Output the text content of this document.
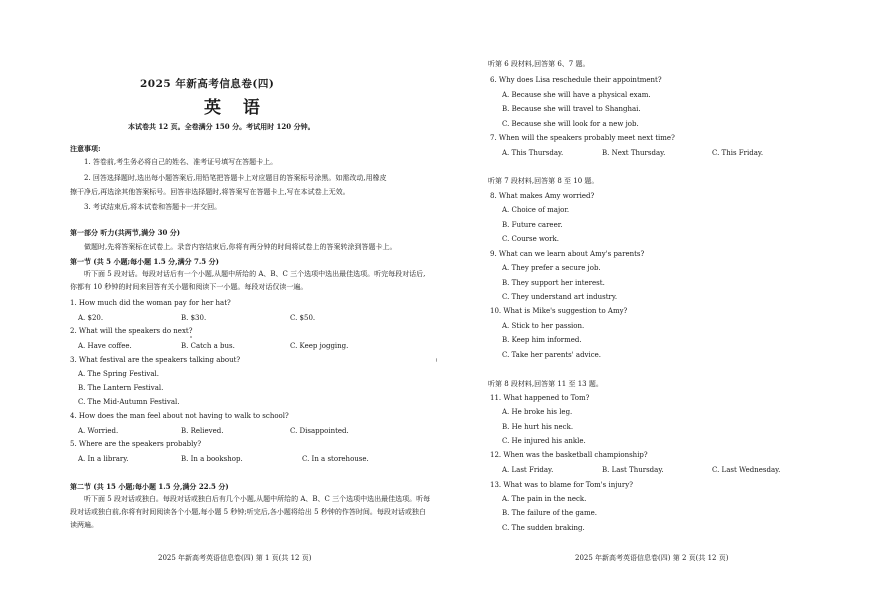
2025 年新高考信息卷(四)
英 语
本试卷共 12 页。全卷满分 150 分。考试用时 120 分钟。
注意事项:
1. 答卷前,考生务必将自己的姓名、准考证号填写在答题卡上。
2. 回答选择题时,选出每小题答案后,用铅笔把答题卡上对应题目的答案标号涂黑。如需改动,用橡皮
擦干净后,再选涂其他答案标号。回答非选择题时,将答案写在答题卡上,写在本试卷上无效。
3. 考试结束后,将本试卷和答题卡一并交回。
第一部分 听力(共两节,满分 30 分)
做题时,先将答案标在试卷上。录音内容结束后,你将有两分钟的时间将试卷上的答案转涂到答题卡上。
第一节 (共 5 小题;每小题 1.5 分,满分 7.5 分)
听下面 5 段对话。每段对话后有一个小题,从题中所给的 A、B、C 三个选项中选出最佳选项。听完每段对话后,你都有 10 秒钟的时间来回答有关小题和阅读下一小题。每段对话仅读一遍。
1. How much did the woman pay for her hat?
A. $20.	B. $30.	C. $50.
2. What will the speakers do next?
A. Have coffee.	B. Catch a bus.	C. Keep jogging.
3. What festival are the speakers talking about?
A. The Spring Festival.
B. The Lantern Festival.
C. The Mid-Autumn Festival.
4. How does the man feel about not having to walk to school?
A. Worried.	B. Relieved.	C. Disappointed.
5. Where are the speakers probably?
A. In a library.	B. In a bookshop.	C. In a storehouse.
第二节 (共 15 小题;每小题 1.5 分,满分 22.5 分)
听下面 5 段对话或独白。每段对话或独白后有几个小题,从题中所给的 A、B、C 三个选项中选出最佳选项。听每段对话或独白前,你将有时间阅读各个小题,每小题 5 秒钟;听完后,各小题将给出 5 秒钟的作答时间。每段对话或独白读两遍。
2025 年新高考英语信息卷(四) 第 1 页(共 12 页)
听第 6 段材料,回答第 6、7 题。
6. Why does Lisa reschedule their appointment?
A. Because she will have a physical exam.
B. Because she will travel to Shanghai.
C. Because she will look for a new job.
7. When will the speakers probably meet next time?
A. This Thursday.	B. Next Thursday.	C. This Friday.
听第 7 段材料,回答第 8 至 10 题。
8. What makes Amy worried?
A. Choice of major.
B. Future career.
C. Course work.
9. What can we learn about Amy's parents?
A. They prefer a secure job.
B. They support her interest.
C. They understand art industry.
10. What is Mike's suggestion to Amy?
A. Stick to her passion.
B. Keep him informed.
C. Take her parents' advice.
听第 8 段材料,回答第 11 至 13 题。
11. What happened to Tom?
A. He broke his leg.
B. He hurt his neck.
C. He injured his ankle.
12. When was the basketball championship?
A. Last Friday.	B. Last Thursday.	C. Last Wednesday.
13. What was to blame for Tom's injury?
A. The pain in the neck.
B. The failure of the game.
C. The sudden braking.
2025 年新高考英语信息卷(四) 第 2 页(共 12 页)
